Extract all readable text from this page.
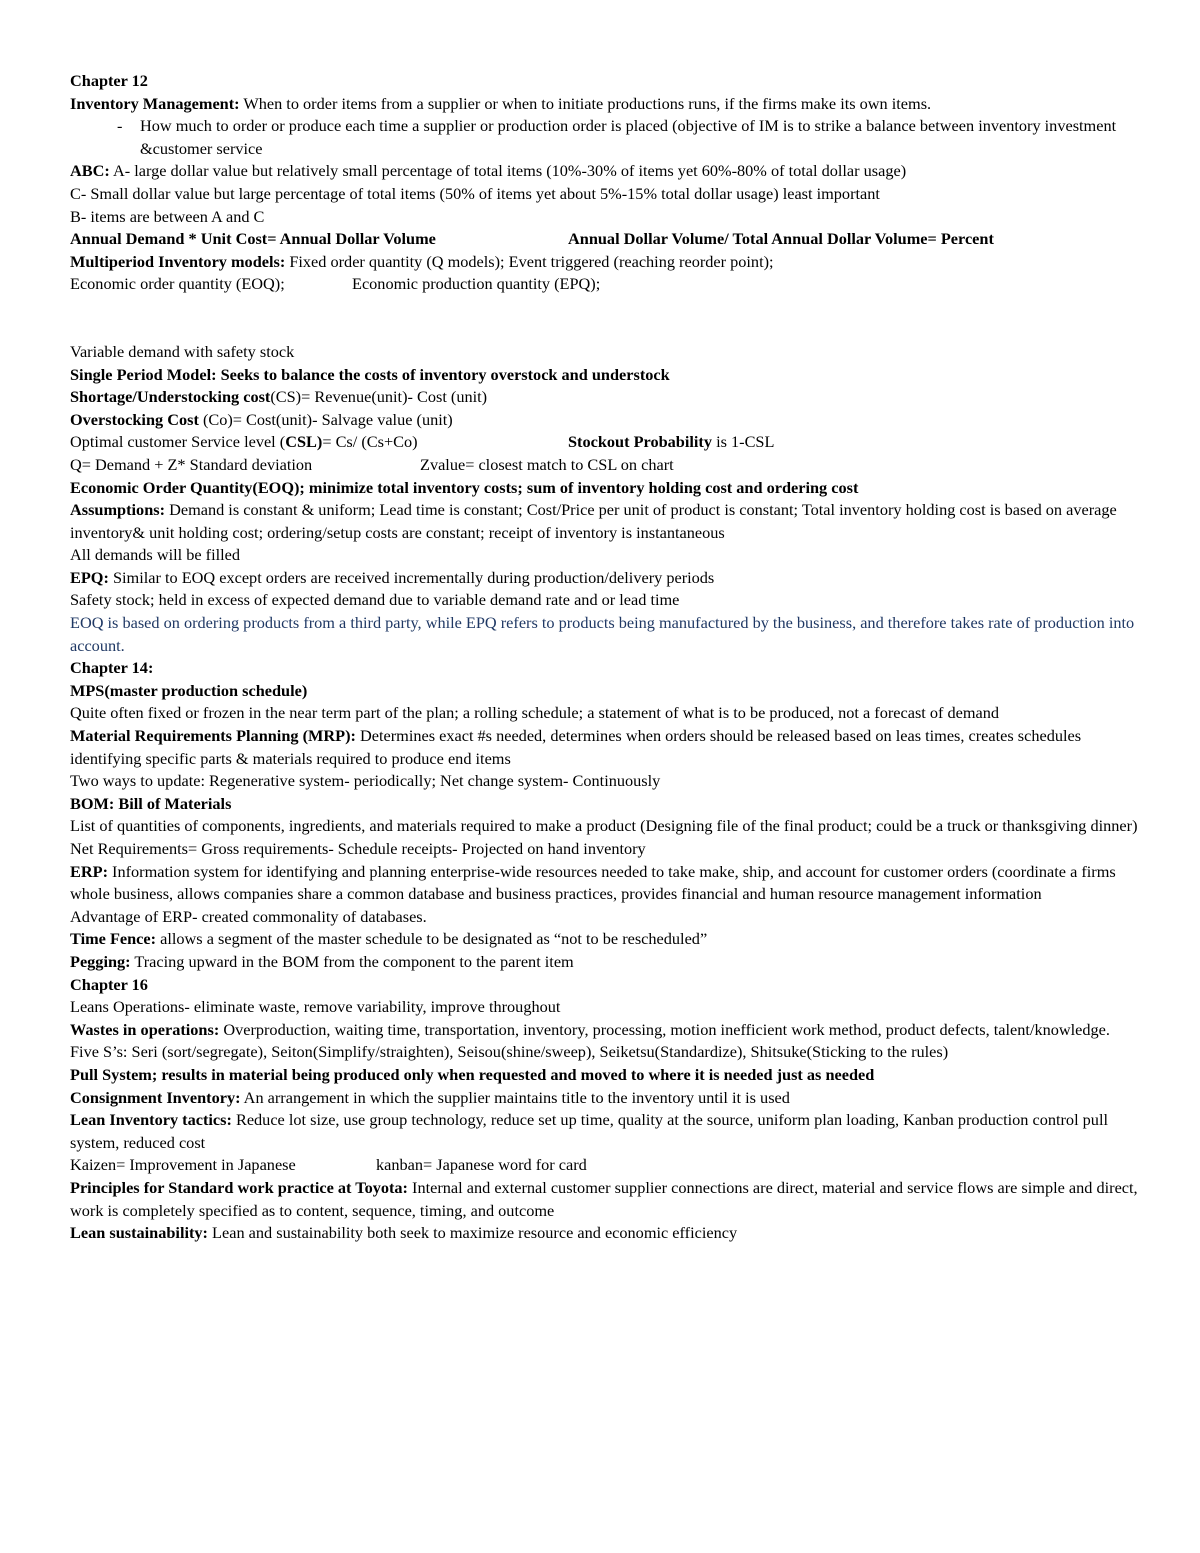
Chapter 12
Inventory Management: When to order items from a supplier or when to initiate productions runs, if the firms make its own items.
- How much to order or produce each time a supplier or production order is placed (objective of IM is to strike a balance between inventory investment &customer service
ABC: A- large dollar value but relatively small percentage of total items (10%-30% of items yet 60%-80% of total dollar usage)
C- Small dollar value but large percentage of total items (50% of items yet about 5%-15% total dollar usage) least important
B- items are between A and C
Annual Demand * Unit Cost= Annual Dollar Volume	Annual Dollar Volume/ Total Annual Dollar Volume= Percent
Multiperiod Inventory models: Fixed order quantity (Q models); Event triggered (reaching reorder point);
Economic order quantity (EOQ);	Economic production quantity (EPQ);
Variable demand with safety stock
Single Period Model: Seeks to balance the costs of inventory overstock and understock
Shortage/Understocking cost(CS)= Revenue(unit)- Cost (unit)
Overstocking Cost (Co)= Cost(unit)- Salvage value (unit)
Optimal customer Service level (CSL)= Cs/ (Cs+Co)	Stockout Probability is 1-CSL
Q= Demand + Z* Standard deviation	Zvalue= closest match to CSL on chart
Economic Order Quantity(EOQ); minimize total inventory costs; sum of inventory holding cost and ordering cost
Assumptions: Demand is constant & uniform; Lead time is constant; Cost/Price per unit of product is constant; Total inventory holding cost is based on average inventory& unit holding cost; ordering/setup costs are constant; receipt of inventory is instantaneous
All demands will be filled
EPQ: Similar to EOQ except orders are received incrementally during production/delivery periods
Safety stock; held in excess of expected demand due to variable demand rate and or lead time
EOQ is based on ordering products from a third party, while EPQ refers to products being manufactured by the business, and therefore takes rate of production into account.
Chapter 14:
MPS(master production schedule)
Quite often fixed or frozen in the near term part of the plan; a rolling schedule; a statement of what is to be produced, not a forecast of demand
Material Requirements Planning (MRP): Determines exact #s needed, determines when orders should be released based on leas times, creates schedules identifying specific parts & materials required to produce end items
Two ways to update: Regenerative system- periodically; Net change system- Continuously
BOM: Bill of Materials
List of quantities of components, ingredients, and materials required to make a product (Designing file of the final product; could be a truck or thanksgiving dinner)
Net Requirements= Gross requirements- Schedule receipts- Projected on hand inventory
ERP: Information system for identifying and planning enterprise-wide resources needed to take make, ship, and account for customer orders (coordinate a firms whole business, allows companies share a common database and business practices, provides financial and human resource management information
Advantage of ERP- created commonality of databases.
Time Fence: allows a segment of the master schedule to be designated as “not to be rescheduled”
Pegging: Tracing upward in the BOM from the component to the parent item
Chapter 16
Leans Operations- eliminate waste, remove variability, improve throughout
Wastes in operations: Overproduction, waiting time, transportation, inventory, processing, motion inefficient work method, product defects, talent/knowledge.
Five S’s: Seri (sort/segregate), Seiton(Simplify/straighten), Seisou(shine/sweep), Seiketsu(Standardize), Shitsuke(Sticking to the rules)
Pull System; results in material being produced only when requested and moved to where it is needed just as needed
Consignment Inventory: An arrangement in which the supplier maintains title to the inventory until it is used
Lean Inventory tactics: Reduce lot size, use group technology, reduce set up time, quality at the source, uniform plan loading, Kanban production control pull system, reduced cost
Kaizen= Improvement in Japanese	kanban= Japanese word for card
Principles for Standard work practice at Toyota: Internal and external customer supplier connections are direct, material and service flows are simple and direct, work is completely specified as to content, sequence, timing, and outcome
Lean sustainability: Lean and sustainability both seek to maximize resource and economic efficiency
